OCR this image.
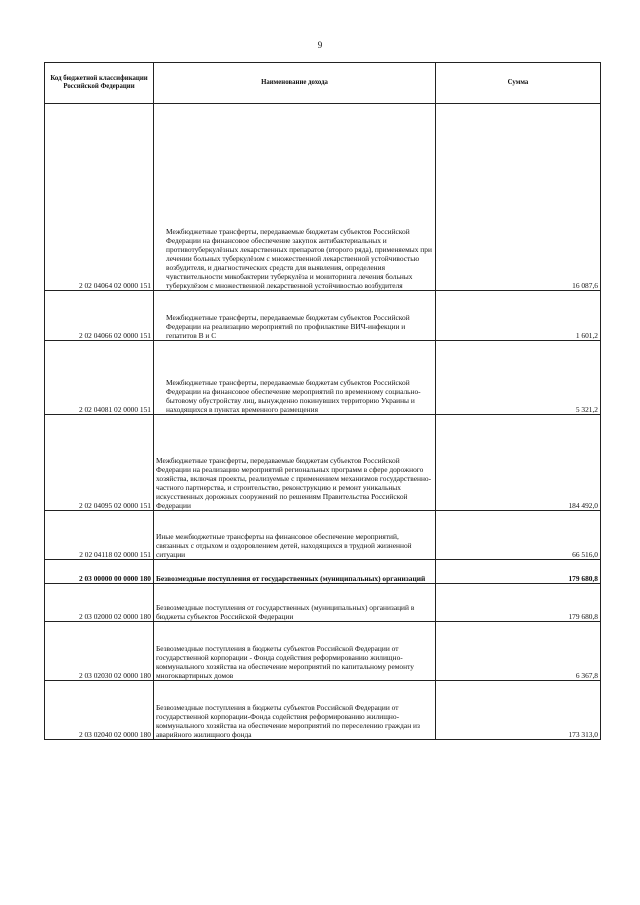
9
Код бюджетной классификации Российской Федерации	Наименование дохода	Сумма
2 02 04064 02 0000 151	Межбюджетные трансферты, передаваемые бюджетам субъектов Российской Федерации на финансовое обеспечение закупок антибактериальных и противотуберкулёзных лекарственных препаратов (второго ряда), применяемых при лечении больных туберкулёзом с множественной лекарственной устойчивостью возбудителя, и диагностических средств для выявления, определения чувствительности микобактерии туберкулёза и мониторинга лечения больных туберкулёзом с множественной лекарственной устойчивостью возбудителя	16 087,6
2 02 04066 02 0000 151	Межбюджетные трансферты, передаваемые бюджетам субъектов Российской Федерации на реализацию мероприятий по профилактике ВИЧ-инфекции и гепатитов B и C	1 601,2
2 02 04081 02 0000 151	Межбюджетные трансферты, передаваемые бюджетам субъектов Российской Федерации на финансовое обеспечение мероприятий по временному социально-бытовому обустройству лиц, вынужденно покинувших территорию Украины и находящихся в пунктах временного размещения	5 321,2
2 02 04095 02 0000 151	Межбюджетные трансферты, передаваемые бюджетам субъектов Российской Федерации на реализацию мероприятий региональных программ в сфере дорожного хозяйства, включая проекты, реализуемые с применением механизмов государственно-частного партнерства, и строительство, реконструкцию и ремонт уникальных искусственных дорожных сооружений по решениям Правительства Российской Федерации	184 492,0
2 02 04118 02 0000 151	Иные межбюджетные трансферты на финансовое обеспечение мероприятий, связанных с отдыхом и оздоровлением детей, находящихся в трудной жизненной ситуации	66 516,0
2 03 00000 00 0000 180	Безвозмездные поступления от государственных (муниципальных) организаций	179 680,8
2 03 02000 02 0000 180	Безвозмездные поступления от государственных (муниципальных) организаций в бюджеты субъектов Российской Федерации	179 680,8
2 03 02030 02 0000 180	Безвозмездные поступления в бюджеты субъектов Российской Федерации от государственной корпорации - Фонда содействия реформированию жилищно-коммунального хозяйства на обеспечение мероприятий по капитальному ремонту многоквартирных домов	6 367,8
2 03 02040 02 0000 180	Безвозмездные поступления в бюджеты субъектов Российской Федерации от государственной корпорации-Фонда содействия реформированию жилищно-коммунального хозяйства на обеспечение мероприятий по переселению граждан из аварийного жилищного фонда	173 313,0
